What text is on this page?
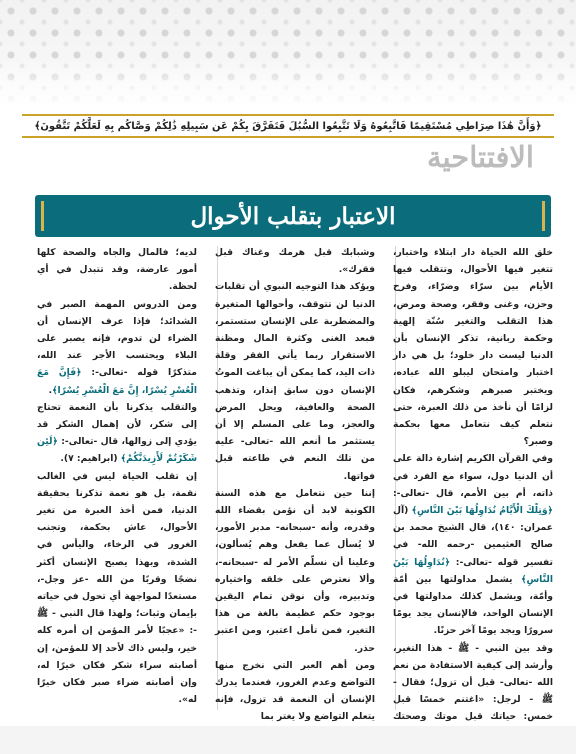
﴿وَأَنَّ هَٰذَا صِرَاطِي مُسْتَقِيمًا فَاتَّبِعُوهُ وَلَا تَتَّبِعُوا السُّبُلَ فَتَفَرَّقَ بِكُمْ عَن سَبِيلِهِ ذَٰلِكُمْ وَصَّاكُم بِهِ لَعَلَّكُمْ تَتَّقُونَ﴾
الافتتاحية
الاعتبار بتقلب الأحوال

خلق الله الحياة دار ابتلاء واختبار، تتغير فيها الأحوال، وتتقلب فيها الأيام بين سرّاء وضرّاء، وفرح وحزن، وغنى وفقر، وصحة ومرض، هذا التقلب والتغير سُنّة إلهية وحكمة ربانية، تذكر الإنسان بأن الدنيا ليست دار خلود؛ بل هي دار اختبار وامتحان ليبلو الله عباده، ويختبر صبرهم وشكرهم، فكان لزامًا أن نأخذ من ذلك العبرة، حتى نتعلم كيف نتعامل معها بحكمة وصبر؟

وفي القرآن الكريم إشارة دالة على أن الدنيا دول، سواء مع الفرد في ذاته، أم بين الأمم، قال -تعالى-: ﴿وَتِلْكَ الْأَيَّامُ نُدَاوِلُهَا بَيْنَ النَّاسِ﴾ (آل عمران: ١٤٠)، قال الشيخ محمد بن صالح العثيمين -رحمه الله- في تفسير قوله -تعالى-: ﴿نُدَاوِلُهَا بَيْنَ النَّاسِ﴾ يشمل مداولتها بين أمّة وأمّة، ويشمل كذلك مداولتها في الإنسان الواحد، فالإنسان يجد يومًا سرورًا ويجد يومًا آخر حزنًا.

وقد بين النبي - ﷺ - هذا التغير، وأرشد إلى كيفية الاستفادة من نعم الله -تعالى- قبل أن تزول؛ فقال - ﷺ - لرجل: «اغتنم خمسًا قبل خمس: حياتك قبل موتك وصحتك

وشبابك قبل هرمك وغناك قبل فقرك».

ويؤكد هذا التوجيه النبوي أن تقلبات الدنيا لن تتوقف، وأحوالها المتغيرة والمضطربة على الإنسان ستستمر، فبعد الغنى وكثرة المال ومظنة الاستقرار ربما يأتي الفقر وقلة ذات اليد، كما يمكن أن يباغت الموتُ الإنسان دون سابق إنذار، وتذهب الصحة والعافية، ويحل المرض والعجز، وما على المسلم إلا أن يستثمر ما أنعم الله -تعالى- عليه من تلك النعم في طاعته قبل فواتها.

إننا حين نتعامل مع هذه السنة الكونية لابد أن نؤمن بقضاء الله وقدره، وأنه -سبحانه- مدبر الأمور، لا يُسأل عما يفعل وهم يُسألون، وعلينا أن نسلّم الأمر له -سبحانه-، وألا نعترض على خلقه واختياره وتدبيره، وأن نوقن تمام اليقين بوجود حكم عظيمة بالغة من هذا التغير، فمن تأمل اعتبر، ومن اعتبر حذر.

ومن أهم العبر التي نخرج منها التواضع وعدم الغرور، فعندما يدرك الإنسان أن النعمة قد تزول، فإنه يتعلم التواضع ولا يغتر بما

لديه؛ فالمال والجاه والصحة كلها أمور عارضة، وقد تتبدل في أي لحظة.

ومن الدروس المهمة الصبر في الشدائد؛ فإذا عرف الإنسان أن الضراء لن تدوم، فإنه يصبر على البلاء ويحتسب الأجر عند الله، متذكرًا قوله -تعالى-: ﴿فَإِنَّ مَعَ الْعُسْرِ يُسْرًا، إِنَّ مَعَ الْعُسْرِ يُسْرًا﴾.

والتقلب يذكرنا بأن النعمة تحتاج إلى شكر، لأن إهمال الشكر قد يؤدي إلى زوالها، قال -تعالى-: ﴿لَئِن شَكَرْتُمْ لَأَزِيدَنَّكُمْ﴾ (ابراهيم: ٧).

إن تقلب الحياة ليس في الغالب نقمة، بل هو نعمة تذكرنا بحقيقة الدنيا، فمن أخذ العبرة من تغير الأحوال، عاش بحكمة، وتجنب الغرور في الرخاء، واليأس في الشدة، وبهذا يصبح الإنسان أكثر نضجًا وقربًا من الله -عز وجل-، مستعدًا لمواجهة أي تحول في حياته بإيمان وثبات؛ ولهذا قال النبي - ﷺ -: «عجبًا لأمر المؤمن إن أمره كله خير، وليس ذاك لأحد إلا للمؤمن، إن أصابته سراء شكر فكان خيرًا له، وإن أصابته ضراء صبر فكان خيرًا له».
